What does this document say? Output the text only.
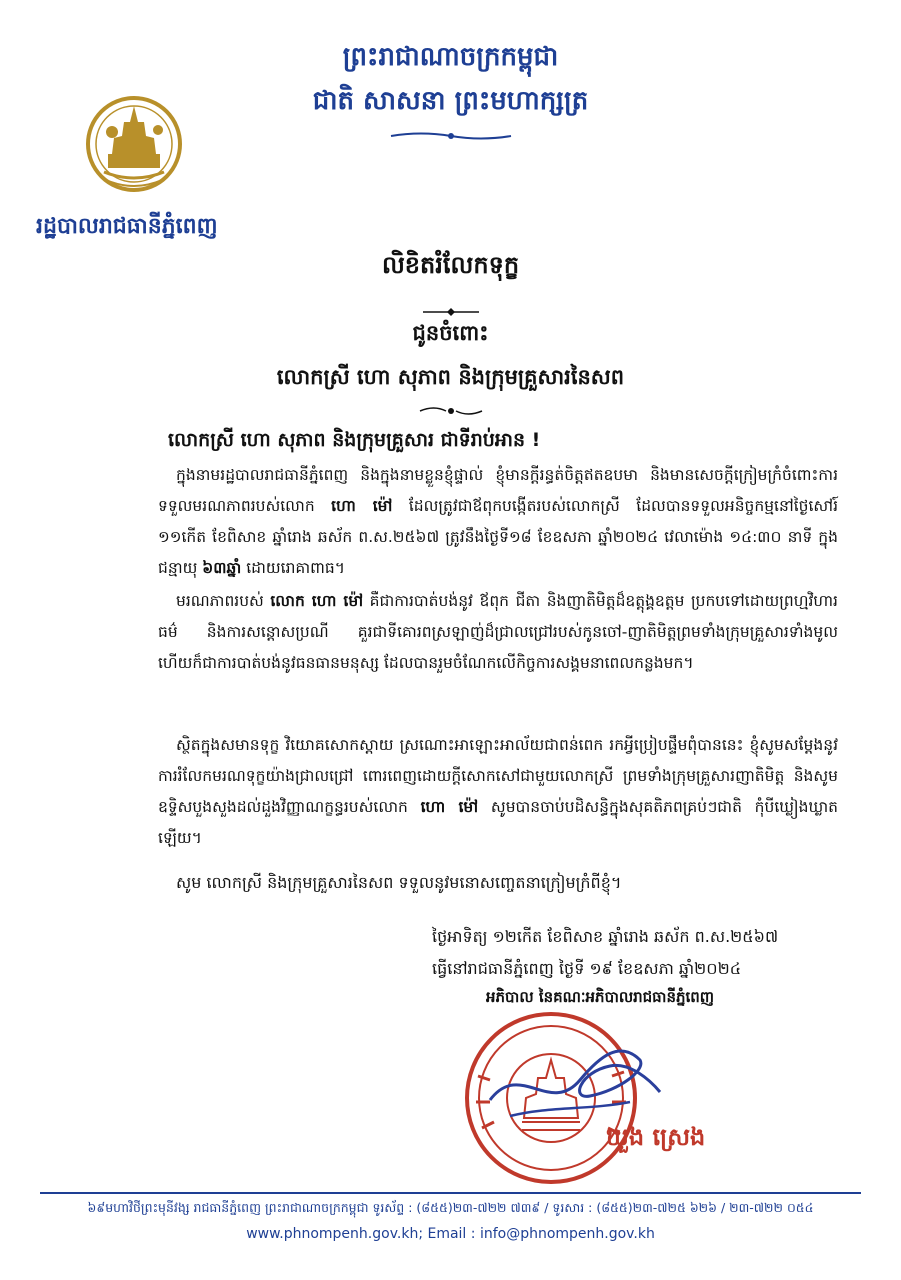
ព្រះរាជាណាចក្រកម្ពុជា
ជាតិ សាសនា ព្រះមហាក្សត្រ
រដ្ឋបាលរាជធានីភ្នំពេញ
លិខិតរំលែកទុក្ខ
ជូនចំពោះ
លោកស្រី ហោ សុភាព និងក្រុមគ្រួសារនៃសព
លោកស្រី ហោ សុភាព និងក្រុមគ្រួសារ ជាទីរាប់អាន !

ក្នុងនាមរដ្ឋបាលរាជធានីភ្នំពេញ និងក្នុងនាមខ្លួនខ្ញុំផ្ទាល់ ខ្ញុំមានក្ដីរន្ធត់ចិត្តឥតឧបមា និងមានសេចក្ដីក្រៀមក្រំចំពោះការទទួលមរណភាពរបស់លោក ហោ ម៉ៅ ដែលត្រូវជាឪពុកបង្កើតរបស់លោកស្រី ដែលបានទទួលអនិច្ចកម្មនៅថ្ងៃសៅរ៍ ១១កើត ខែពិសាខ ឆ្នាំរោង ឆស័ក ព.ស.២៥៦៧ ត្រូវនឹងថ្ងៃទី១៨ ខែឧសភា ឆ្នាំ២០២៤ វេលាម៉ោង ១៤:៣០ នាទី ក្នុងជន្មាយុ ៦៣ឆ្នាំ ដោយរោគាពាធ។

មរណភាពរបស់ លោក ហោ ម៉ៅ គឺជាការបាត់បង់នូវ ឪពុក ជីតា និងញាតិមិត្តដ៏ឧត្តុង្គឧត្តម ប្រកបទៅដោយព្រហ្មវិហារធម៌ និងការសន្ដោសប្រណី គួរជាទីគោរពស្រឡាញ់ដ៏ជ្រាលជ្រៅរបស់កូនចៅ-ញាតិមិត្តព្រមទាំងក្រុមគ្រួសារទាំងមូល ហើយក៏ជាការបាត់បង់នូវធនធានមនុស្ស ដែលបានរួមចំណែកលើកិច្ចការសង្គមនាពេលកន្លងមក។

ស្ថិតក្នុងសមានទុក្ខ វិយោគសោកស្ដាយ ស្រណោះអាឡោះអាល័យជាពន់ពេក រកអ្វីប្រៀបផ្ទឹមពុំបាននេះ ខ្ញុំសូមសម្ដែងនូវការរំលែកមរណទុក្ខយ៉ាងជ្រាលជ្រៅ ពោរពេញដោយក្ដីសោកសៅជាមួយលោកស្រី ព្រមទាំងក្រុមគ្រួសារញាតិមិត្ត និងសូមឧទ្ទិសបួងសួងដល់ដួងវិញ្ញាណក្ខន្ធរបស់លោក ហោ ម៉ៅ សូមបានចាប់បដិសន្ធិក្នុងសុគតិភពគ្រប់ៗជាតិ កុំបីឃ្លៀងឃ្លាតឡើយ។

សូម លោកស្រី និងក្រុមគ្រួសារនៃសព ទទួលនូវមនោសញ្ចេតនាក្រៀមក្រំពីខ្ញុំ។
ថ្ងៃអាទិត្យ ១២កើត ខែពិសាខ ឆ្នាំរោង ឆស័ក ព.ស.២៥៦៧
ធ្វើនៅរាជធានីភ្នំពេញ ថ្ងៃទី ១៩ ខែឧសភា ឆ្នាំ២០២៤
អភិបាល នៃគណៈអភិបាលរាជធានីភ្នំពេញ
ឃួង ស្រេង
៦៩មហាវិថីព្រះមុនីវង្ស រាជធានីភ្នំពេញ ព្រះរាជាណាចក្រកម្ពុជា ទូរស័ព្ទ : (៨៥៥)២៣-៧២២ ៧៣៩ / ទូរសារ : (៨៥៥)២៣-៧២៥ ៦២៦ / ២៣-៧២២ ០៥៤
www.phnompenh.gov.kh; Email : info@phnompenh.gov.kh
